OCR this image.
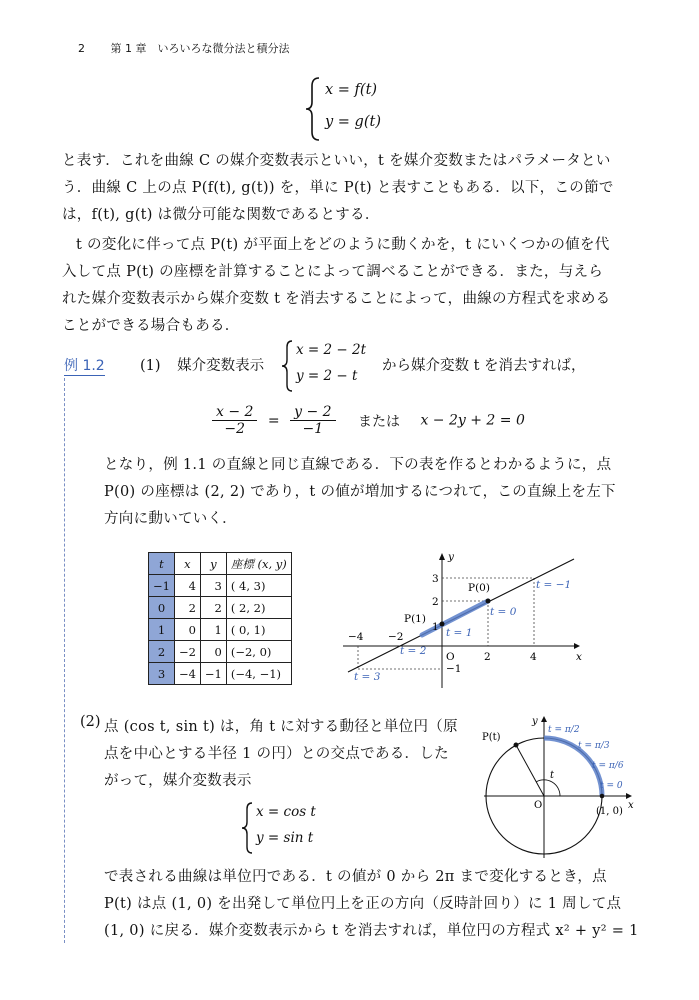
2 第 1 章　いろいろな微分法と積分法
x = f(t)
y = g(t)
と表す．これを曲線 C の媒介変数表示といい，t を媒介変数またはパラメータとい
う．曲線 C 上の点 P(f(t), g(t)) を，単に P(t) と表すこともある．以下，この節で
は，f(t), g(t) は微分可能な関数であるとする．
t の変化に伴って点 P(t) が平面上をどのように動くかを，t にいくつかの値を代
入して点 P(t) の座標を計算することによって調べることができる．また，与えら
れた媒介変数表示から媒介変数 t を消去することによって，曲線の方程式を求める
ことができる場合もある．
例 1.2 (1) 媒介変数表示
x = 2 − 2t
y = 2 − t
から媒介変数 t を消去すれば，
$\frac{x - 2}{-2} = \frac{y - 2}{-1}$ または x − 2y + 2 = 0
となり，例 1.1 の直線と同じ直線である．下の表を作るとわかるように，点
P(0) の座標は (2, 2) であり，t の値が増加するにつれて，この直線上を左下
方向に動いていく．
t	x	y	座標 (x, y)
−1	4	3	( 4, 3)
0	2	2	( 2, 2)
1	0	1	( 0, 1)
2	−2	0	(−2, 0)
3	−4	−1	(−4, −1)
−4 −2
2	4
3
2
1
−1
O	x
y
P(0)
P(1)
t = −1
t = 0
t = 1
t = 2
t = 3
(2) 点 (cos t, sin t) は，角 t に対する動径と単位円（原
点を中心とする半径 1 の円）との交点である．した
がって，媒介変数表示
x = cos t
y = sin t
で表される曲線は単位円である．t の値が 0 から 2π まで変化するとき，点
P(t) は点 (1, 0) を出発して単位円上を正の方向（反時計回り）に 1 周して点
(1, 0) に戻る．媒介変数表示から t を消去すれば，単位円の方程式 x² + y² = 1
P(t)
t
O	x
y
(1, 0)
t = π/2
t = π/3
t = π/6
t = 0
